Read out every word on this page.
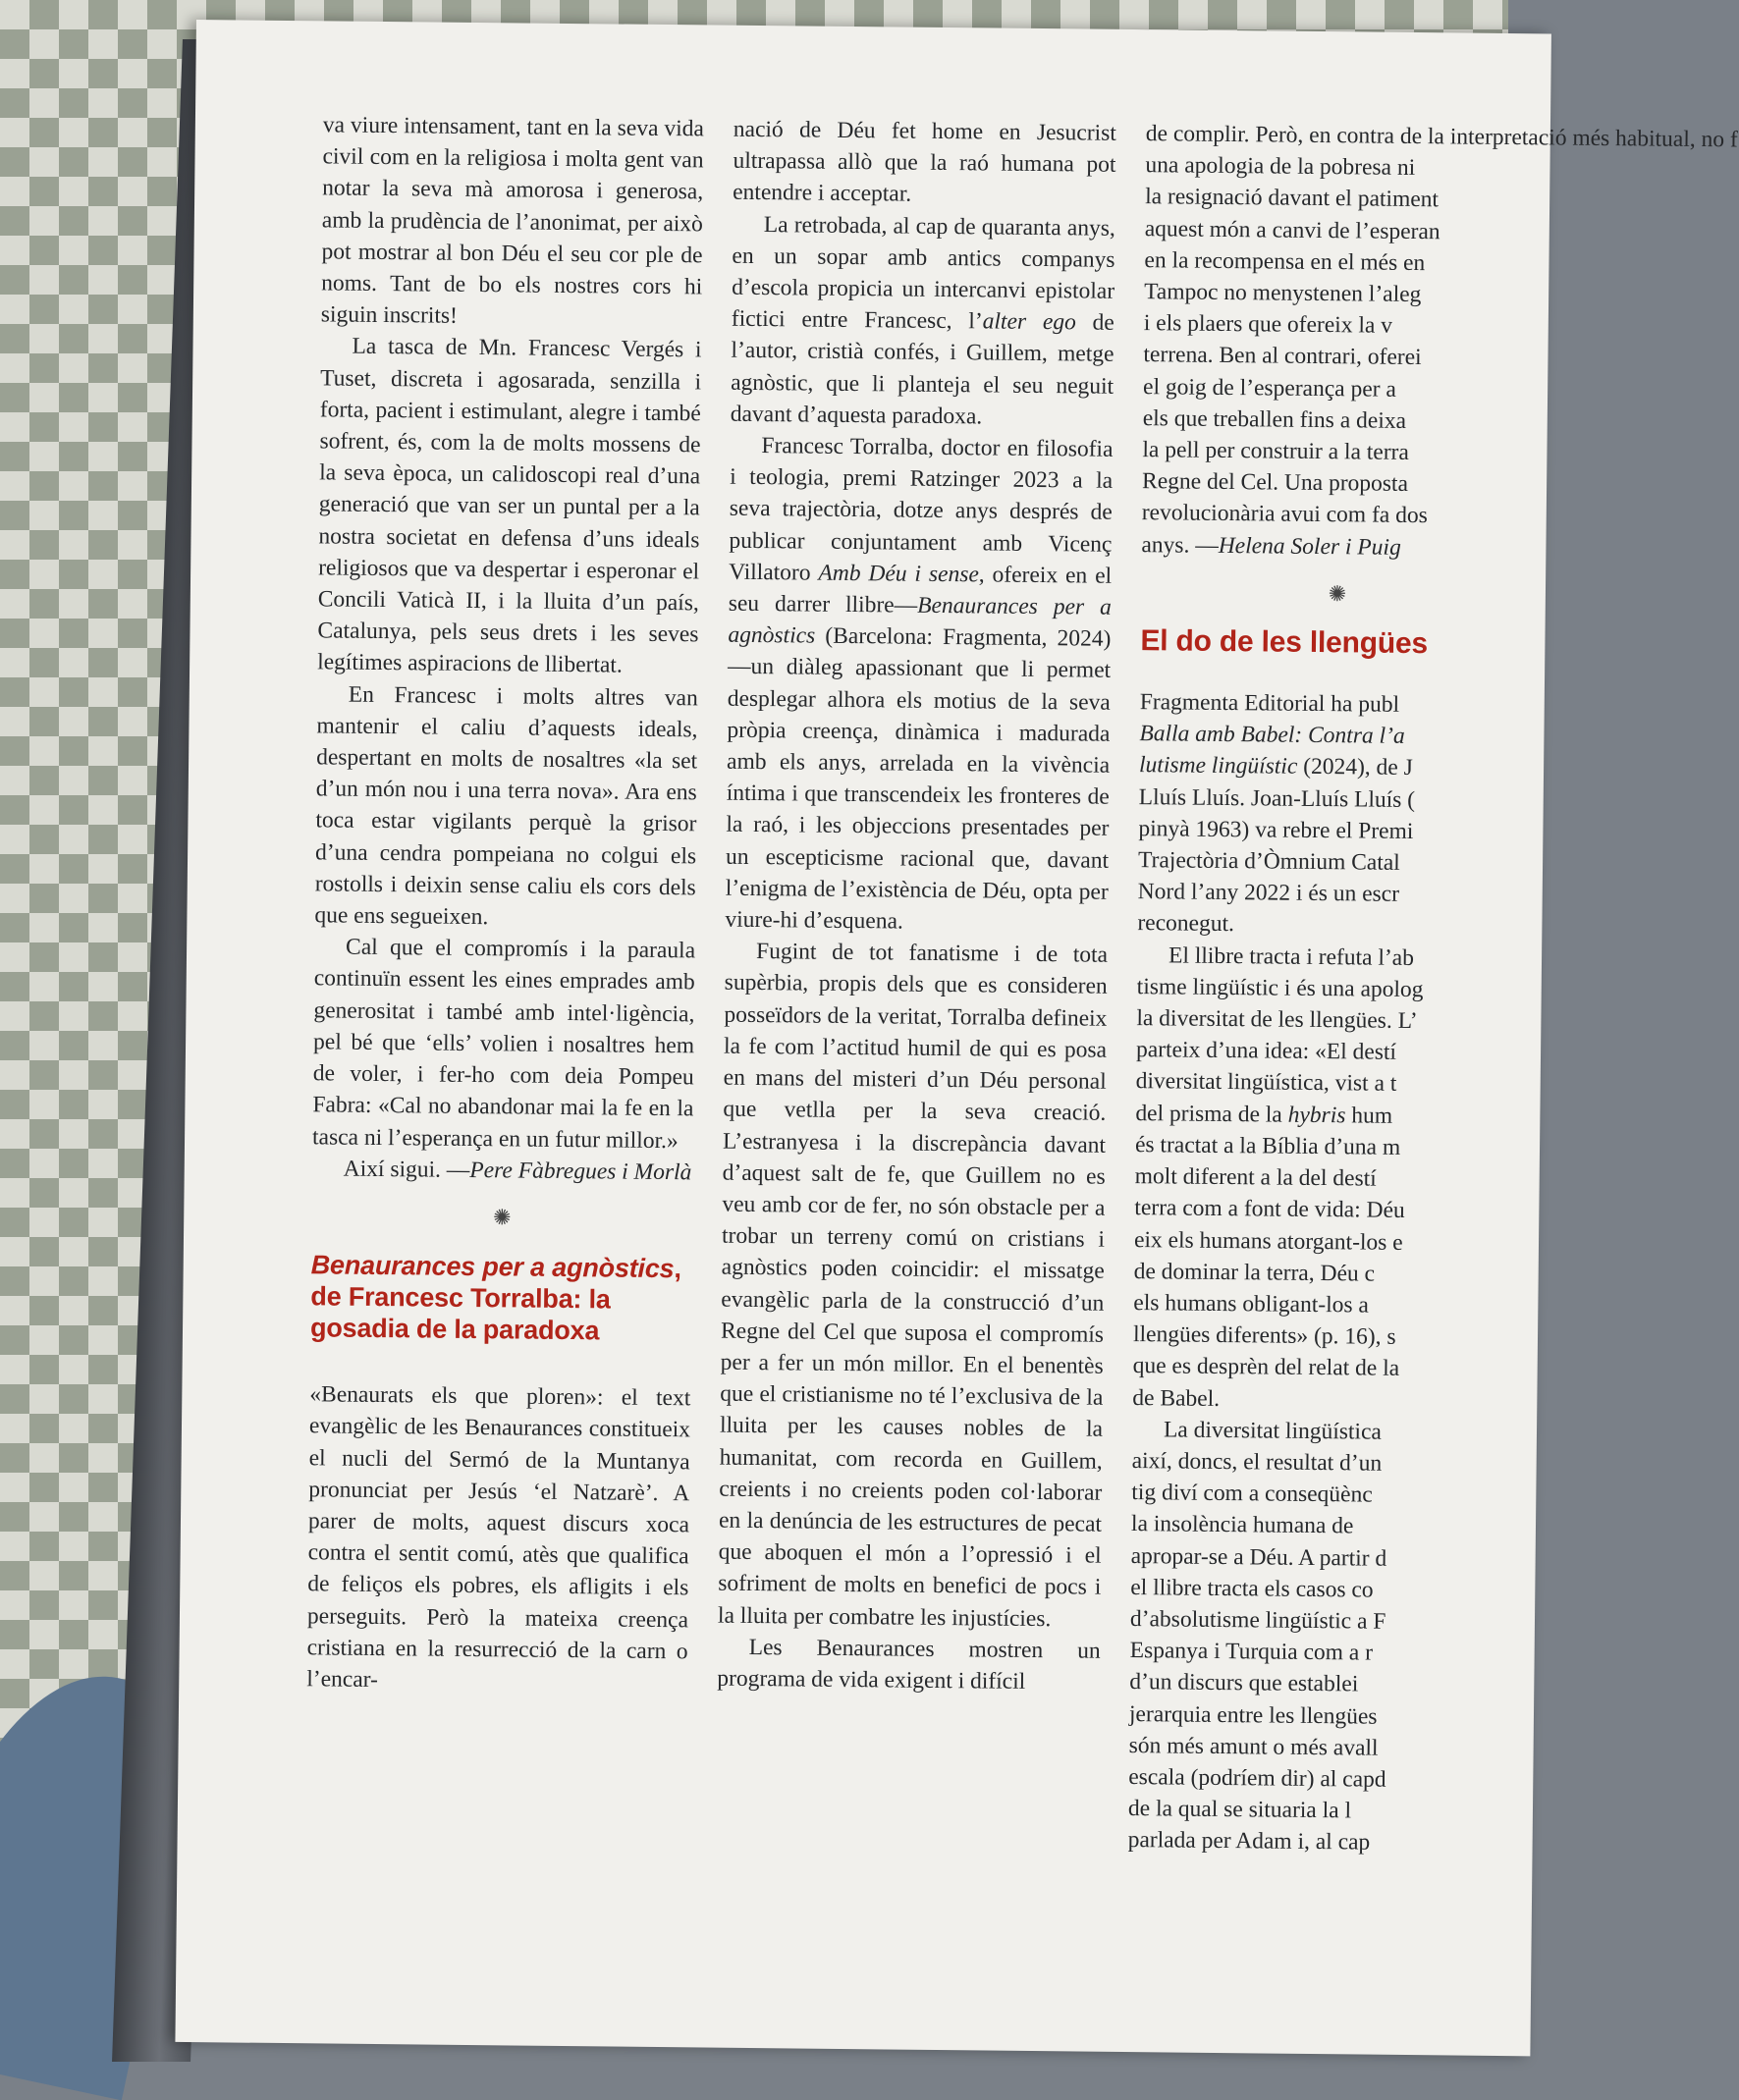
va viure intensament, tant en la seva vida civil com en la religiosa i molta gent van notar la seva mà amorosa i generosa, amb la prudència de l’anonimat, per això pot mostrar al bon Déu el seu cor ple de noms. Tant de bo els nostres cors hi siguin inscrits!

La tasca de Mn. Francesc Vergés i Tuset, discreta i agosarada, senzilla i forta, pacient i estimulant, alegre i també sofrent, és, com la de molts mossens de la seva època, un calidoscopi real d’una generació que van ser un puntal per a la nostra societat en defensa d’uns ideals religiosos que va despertar i esperonar el Concili Vaticà II, i la lluita d’un país, Catalunya, pels seus drets i les seves legítimes aspiracions de llibertat.

En Francesc i molts altres van mantenir el caliu d’aquests ideals, despertant en molts de nosaltres «la set d’un món nou i una terra nova». Ara ens toca estar vigilants perquè la grisor d’una cendra pompeiana no colgui els rostolls i deixin sense caliu els cors dels que ens segueixen.

Cal que el compromís i la paraula continuïn essent les eines emprades amb generositat i també amb intel·ligència, pel bé que ‘ells’ volien i nosaltres hem de voler, i fer-ho com deia Pompeu Fabra: «Cal no abandonar mai la fe en la tasca ni l’esperança en un futur millor.»

Així sigui. —Pere Fàbregues i Morlà

✺
Benaurances per a agnòstics, de Francesc Torralba: la gosadia de la paradoxa

«Benaurats els que ploren»: el text evangèlic de les Benaurances constitueix el nucli del Sermó de la Muntanya pronunciat per Jesús ‘el Natzarè’. A parer de molts, aquest discurs xoca contra el sentit comú, atès que qualifica de feliços els pobres, els afligits i els perseguits. Però la mateixa creença cristiana en la resurrecció de la carn o l’encar-

nació de Déu fet home en Jesucrist ultrapassa allò que la raó humana pot entendre i acceptar.

La retrobada, al cap de quaranta anys, en un sopar amb antics companys d’escola propicia un intercanvi epistolar fictici entre Francesc, l’alter ego de l’autor, cristià confés, i Guillem, metge agnòstic, que li planteja el seu neguit davant d’aquesta paradoxa.

Francesc Torralba, doctor en filosofia i teologia, premi Ratzinger 2023 a la seva trajectòria, dotze anys després de publicar conjuntament amb Vicenç Villatoro Amb Déu i sense, ofereix en el seu darrer llibre—Benaurances per a agnòstics (Barcelona: Fragmenta, 2024)—un diàleg apassionant que li permet desplegar alhora els motius de la seva pròpia creença, dinàmica i madurada amb els anys, arrelada en la vivència íntima i que transcendeix les fronteres de la raó, i les objeccions presentades per un escepticisme racional que, davant l’enigma de l’existència de Déu, opta per viure-hi d’esquena.

Fugint de tot fanatisme i de tota supèrbia, propis dels que es consideren posseïdors de la veritat, Torralba defineix la fe com l’actitud humil de qui es posa en mans del misteri d’un Déu personal que vetlla per la seva creació. L’estranyesa i la discrepància davant d’aquest salt de fe, que Guillem no es veu amb cor de fer, no són obstacle per a trobar un terreny comú on cristians i agnòstics poden coincidir: el missatge evangèlic parla de la construcció d’un Regne del Cel que suposa el compromís per a fer un món millor. En el benentès que el cristianisme no té l’exclusiva de la lluita per les causes nobles de la humanitat, com recorda en Guillem, creients i no creients poden col·laborar en la denúncia de les estructures de pecat que aboquen el món a l’opressió i el sofriment de molts en benefici de pocs i la lluita per combatre les injustícies.

Les Benaurances mostren un programa de vida exigent i difícil

de complir. Però, en contra de la interpretació més habitual, no f
una apologia de la pobresa ni
la resignació davant el patiment
aquest món a canvi de l’esperan
en la recompensa en el més en
Tampoc no menystenen l’aleg
i els plaers que ofereix la v
terrena. Ben al contrari, oferei
el goig de l’esperança per a
els que treballen fins a deixa
la pell per construir a la terra
Regne del Cel. Una proposta
revolucionària avui com fa dos
anys. —Helena Soler i Puig
✺
El do de les llengües
Fragmenta Editorial ha publ
Balla amb Babel: Contra l’a
lutisme lingüístic (2024), de J
Lluís Lluís. Joan-Lluís Lluís (
pinyà 1963) va rebre el Premi
Trajectòria d’Òmnium Catal
Nord l’any 2022 i és un escr
reconegut.
El llibre tracta i refuta l’ab
tisme lingüístic i és una apolog
la diversitat de les llengües. L’
parteix d’una idea: «El destí
diversitat lingüística, vist a t
del prisma de la hybris hum
és tractat a la Bíblia d’una m
molt diferent a la del destí
terra com a font de vida: Déu
eix els humans atorgant-los e
de dominar la terra, Déu c
els humans obligant-los a
llengües diferents» (p. 16), s
que es desprèn del relat de la
de Babel.
La diversitat lingüística
així, doncs, el resultat d’un
tig diví com a conseqüènc
la insolència humana de
apropar-se a Déu. A partir d
el llibre tracta els casos co
d’absolutisme lingüístic a F
Espanya i Turquia com a r
d’un discurs que establei
jerarquia entre les llengües
són més amunt o més avall
escala (podríem dir) al capd
de la qual se situaria la l
parlada per Adam i, al cap
